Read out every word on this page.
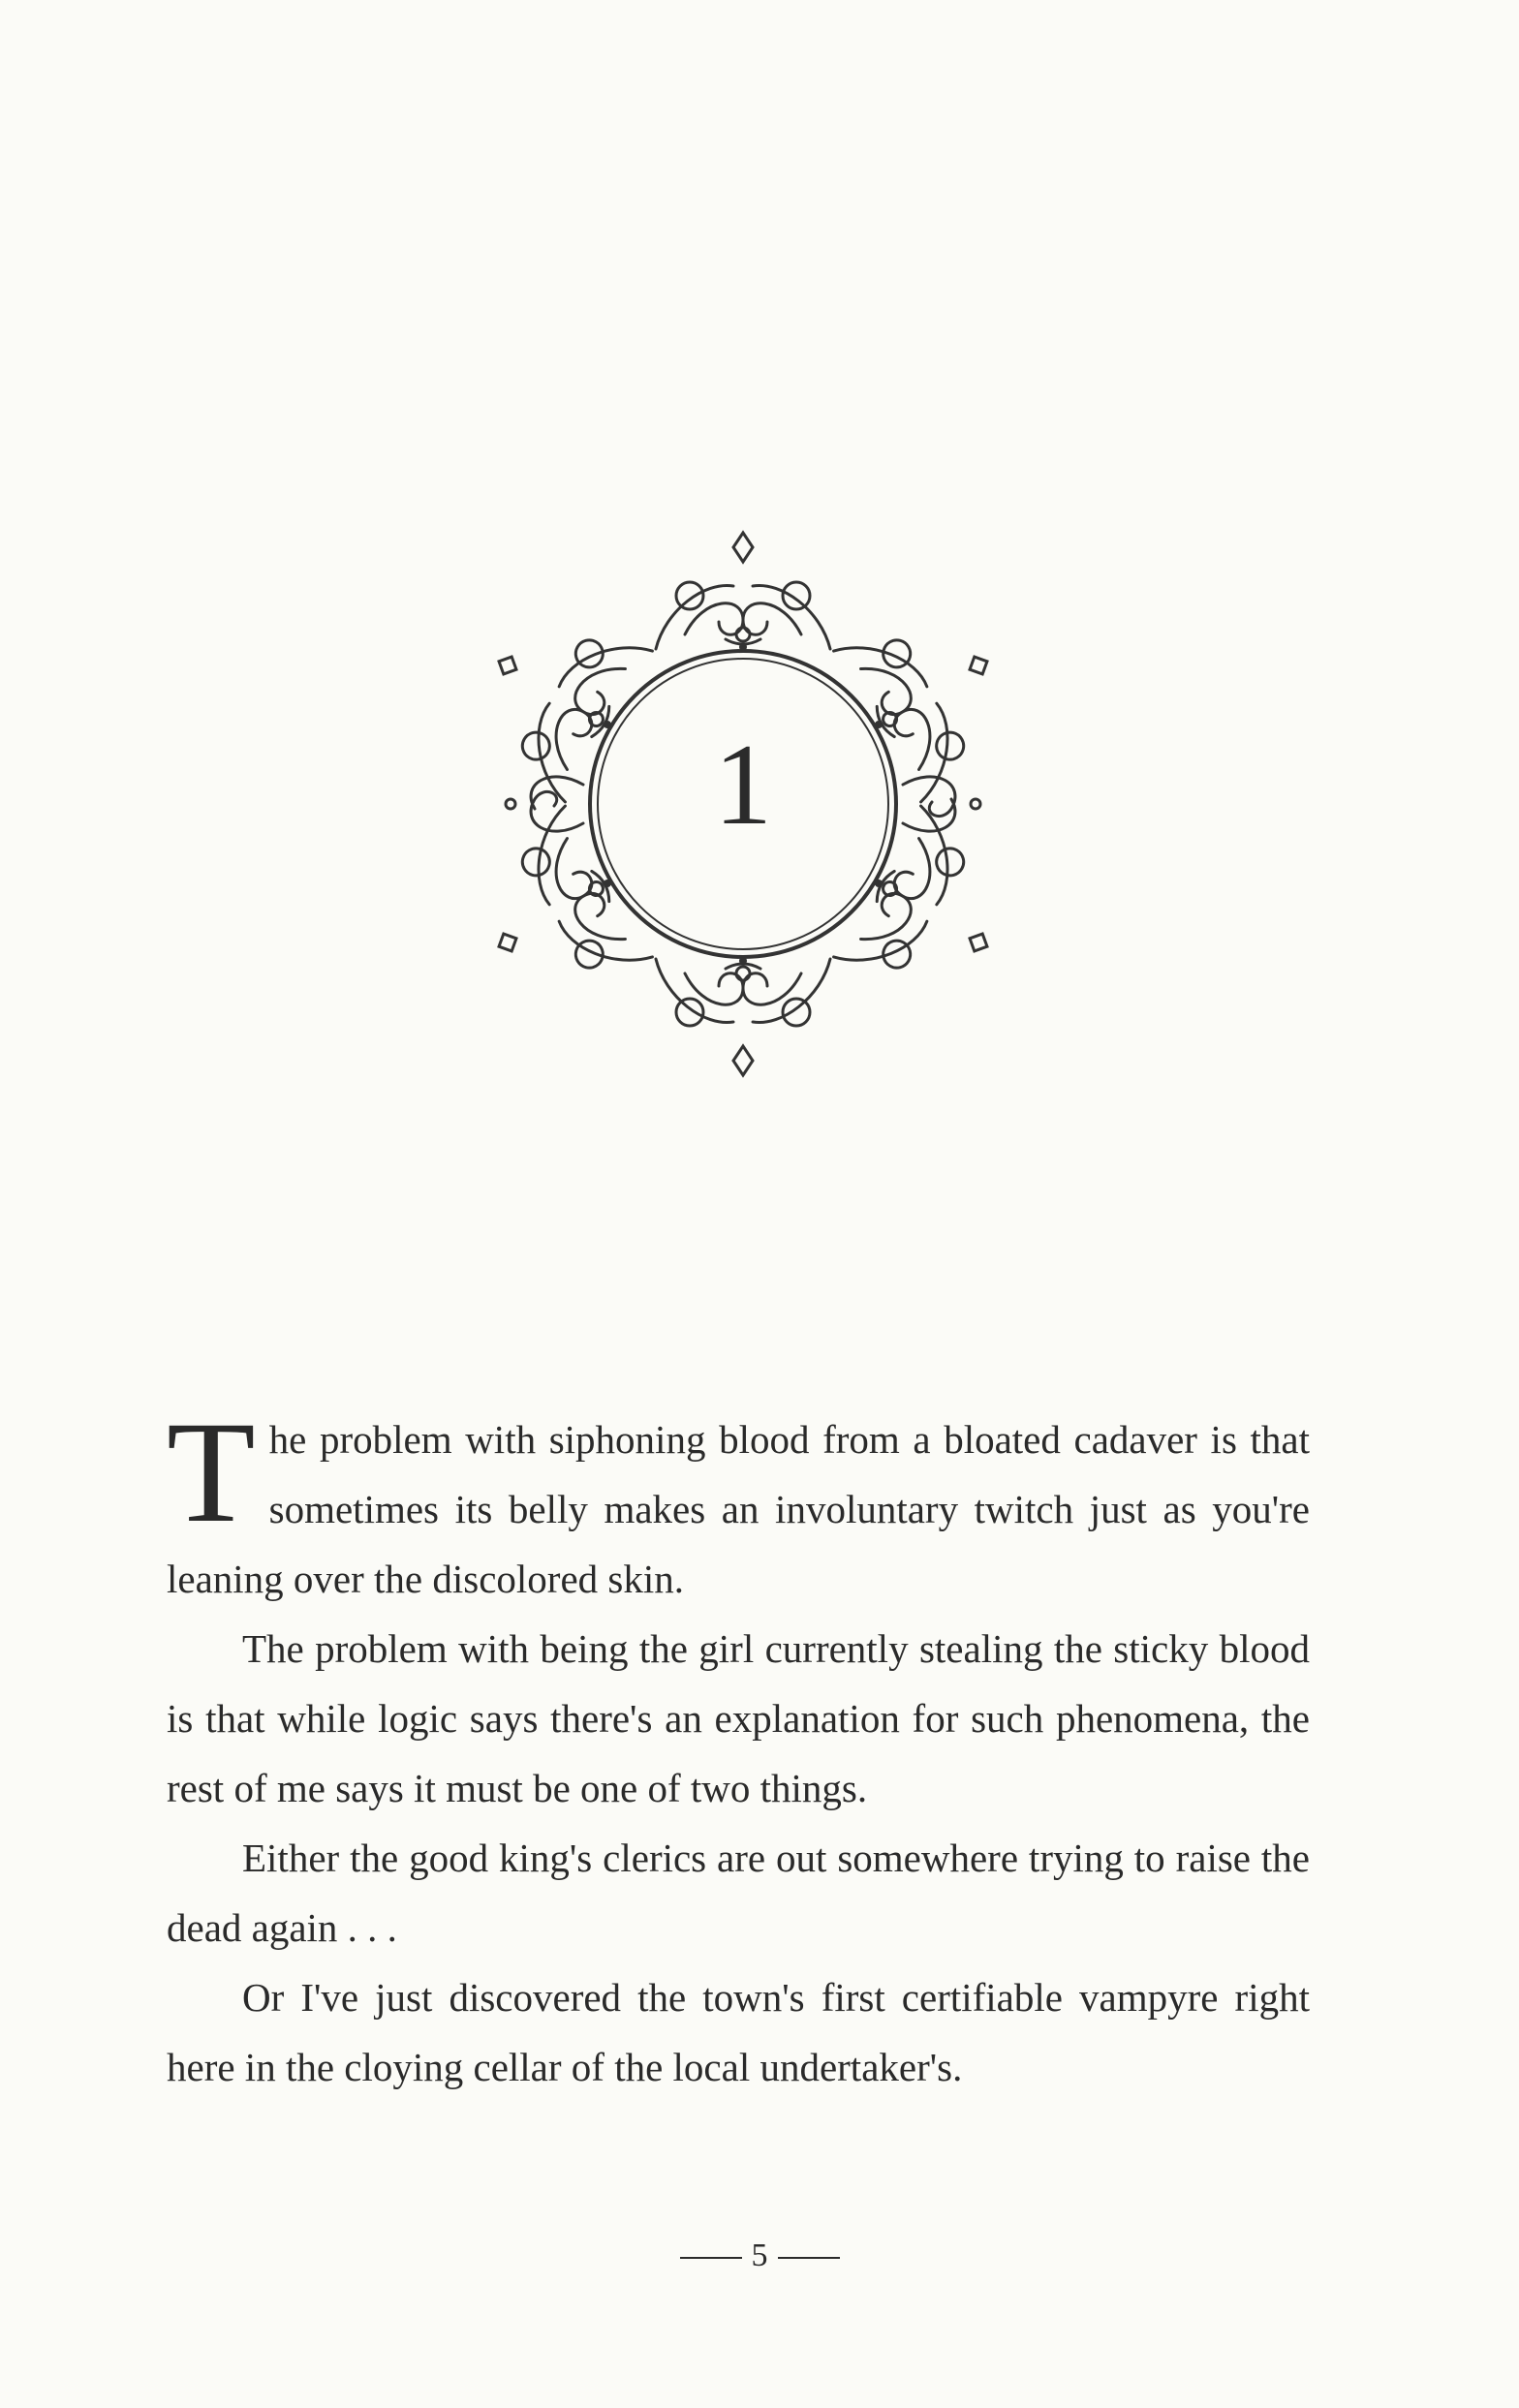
1

The problem with siphoning blood from a bloated cadaver is that sometimes its belly makes an involuntary twitch just as you're leaning over the discolored skin.

The problem with being the girl currently stealing the sticky blood is that while logic says there's an explanation for such phenomena, the rest of me says it must be one of two things.

Either the good king's clerics are out somewhere trying to raise the dead again . . .

Or I've just discovered the town's first certifiable vampyre right here in the cloying cellar of the local undertaker's.

5
